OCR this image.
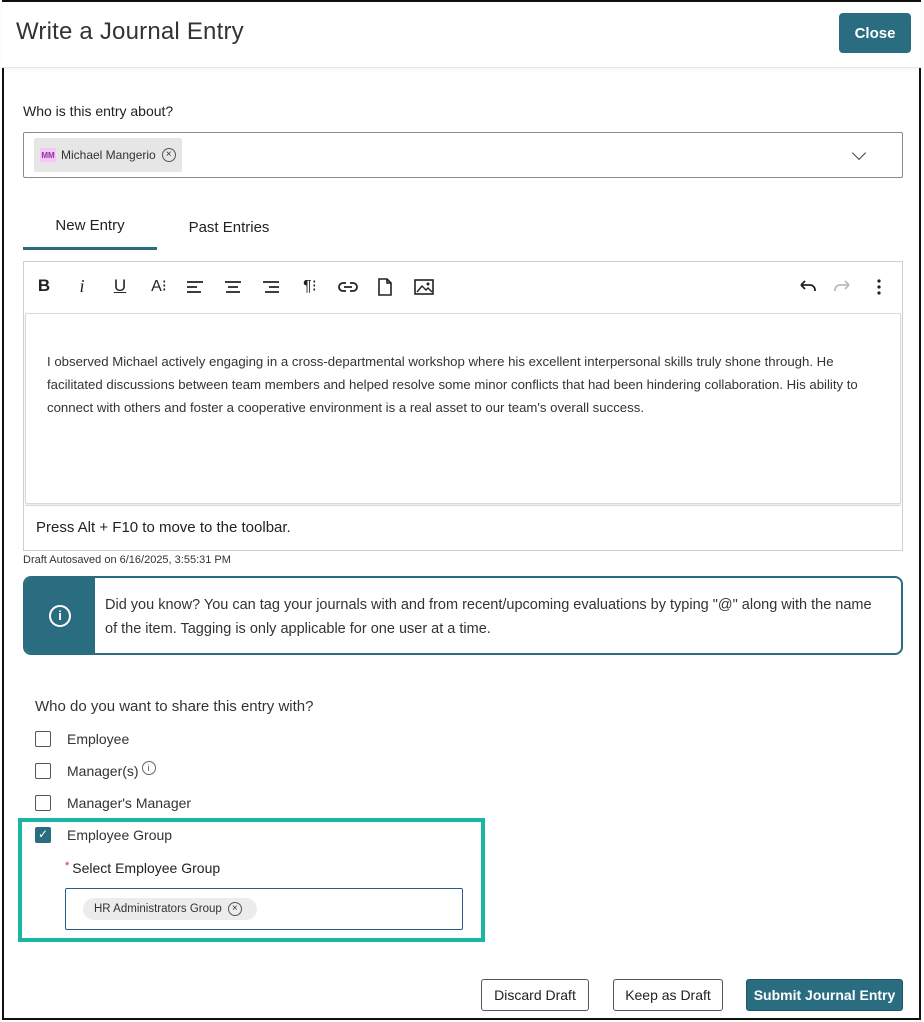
Write a Journal Entry	Close
Who is this entry about?
MM Michael Mangerio	×
New Entry	Past Entries
B	i	U A⁝	¶⁝
I observed Michael actively engaging in a cross-departmental workshop where his excellent interpersonal skills truly shone through. He facilitated discussions between team members and helped resolve some minor conflicts that had been hindering collaboration. His ability to connect with others and foster a cooperative environment is a real asset to our team's overall success.
Press Alt + F10 to move to the toolbar.
Draft Autosaved on 6/16/2025, 3:55:31 PM
i
Did you know? You can tag your journals with and from recent/upcoming evaluations by typing "@" along with the name of the item. Tagging is only applicable for one user at a time.
Who do you want to share this entry with?
Employee
Manager(s)	i
Manager's Manager
✓ Employee Group
* Select Employee Group
HR Administrators Group	×
Discard Draft	Keep as Draft	Submit Journal Entry
